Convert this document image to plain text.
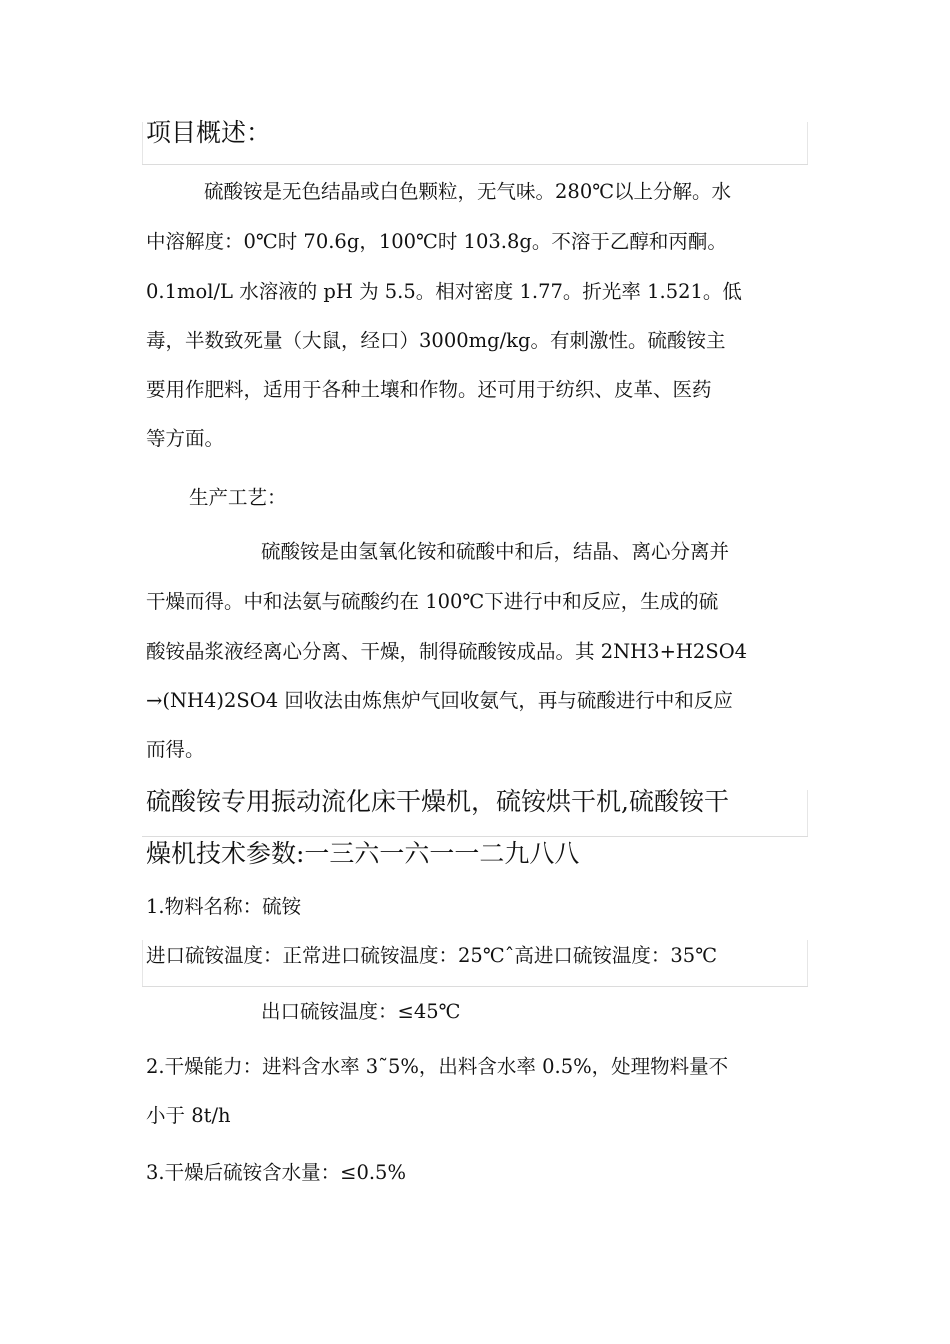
项目概述：
硫酸铵是无色结晶或白色颗粒，无气味。280℃以上分解。水
中溶解度：0℃时 70.6g，100℃时 103.8g。不溶于乙醇和丙酮。
0.1mol/L 水溶液的 pH 为 5.5。相对密度 1.77。折光率 1.521。低
毒，半数致死量（大鼠，经口）3000mg/kg。有刺激性。硫酸铵主
要用作肥料，适用于各种土壤和作物。还可用于纺织、皮革、医药
等方面。
生产工艺：
硫酸铵是由氢氧化铵和硫酸中和后，结晶、离心分离并
干燥而得。中和法氨与硫酸约在 100℃下进行中和反应，生成的硫
酸铵晶浆液经离心分离、干燥，制得硫酸铵成品。其 2NH3+H2SO4
→(NH4)2SO4 回收法由炼焦炉气回收氨气，再与硫酸进行中和反应
而得。
硫酸铵专用振动流化床干燥机，硫铵烘干机,硫酸铵干
燥机技术参数:一三六一六一一二九八八
1.物料名称：硫铵
进口硫铵温度：正常进口硫铵温度：25℃ˆ高进口硫铵温度：35℃
出口硫铵温度：≤45℃
2.干燥能力：进料含水率 3˜5%，出料含水率 0.5%，处理物料量不
小于 8t/h
3.干燥后硫铵含水量：≤0.5%
